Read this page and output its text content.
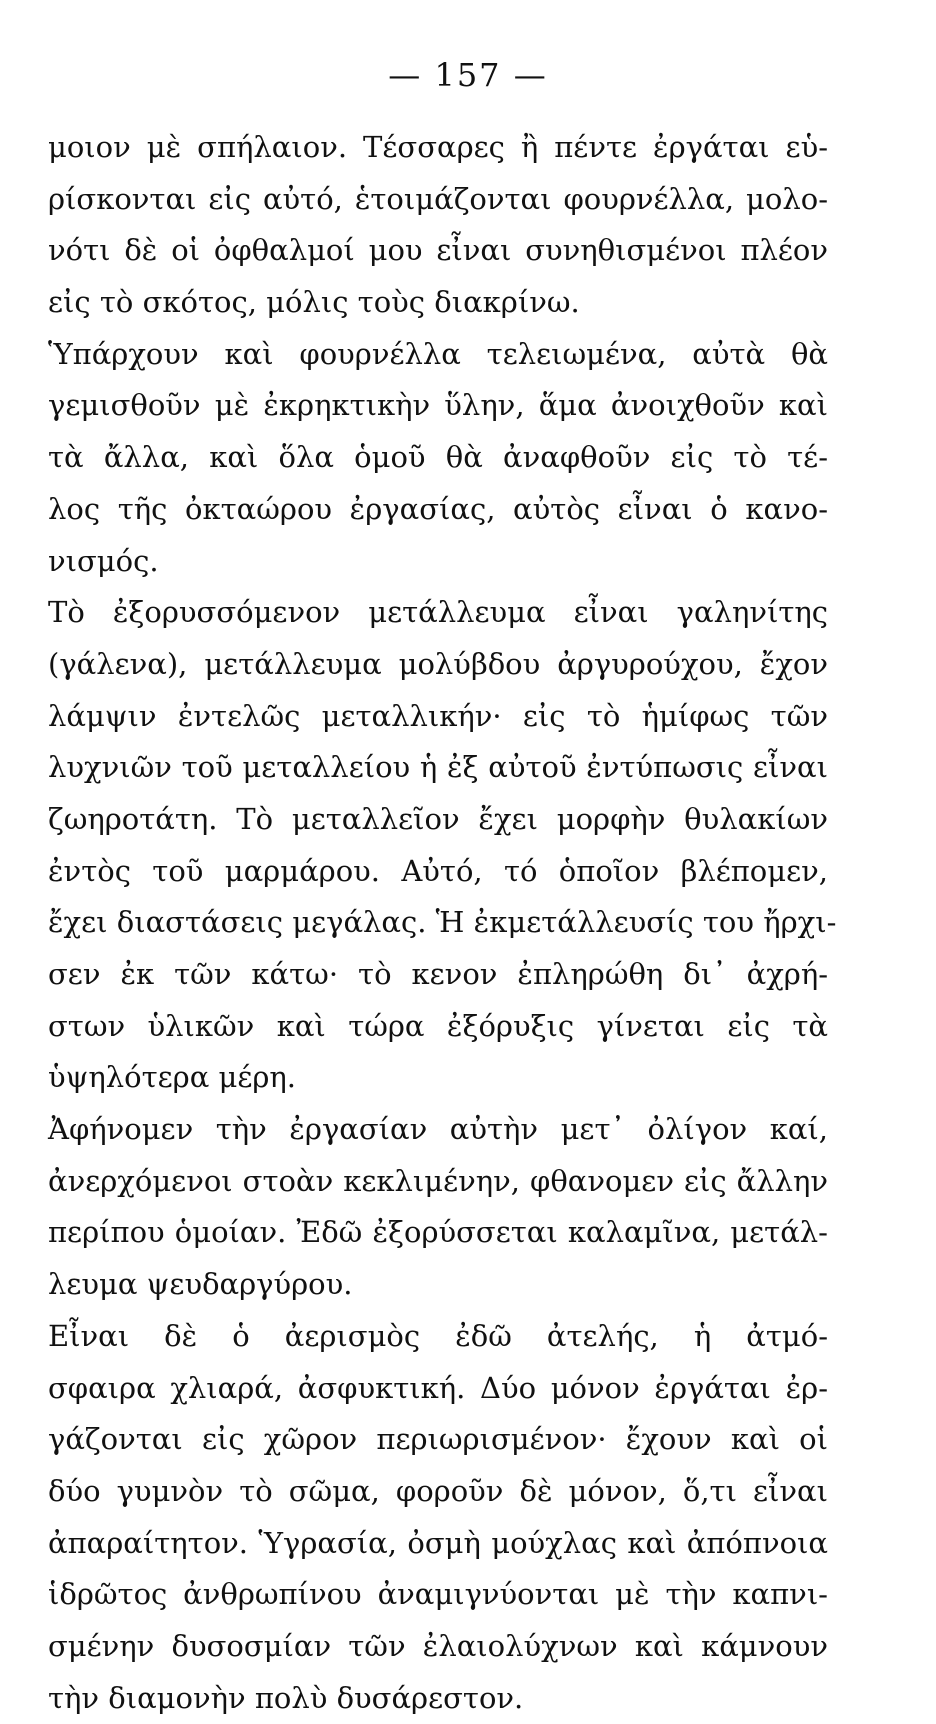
— 157 —
μοιον μὲ σπήλαιον. Τέσσαρες ἢ πέντε ἐργάται εὑ-
ρίσκονται εἰς αὐτό, ἑτοιμάζονται φουρνέλλα, μολο-
νότι δὲ οἱ ὀφθαλμοί μου εἶναι συνηθισμένοι πλέον
εἰς τὸ σκότος, μόλις τοὺς διακρίνω.
Ὑπάρχουν καὶ φουρνέλλα τελειωμένα, αὐτὰ θὰ
γεμισθοῦν μὲ ἐκρηκτικὴν ὕλην, ἅμα ἀνοιχθοῦν καὶ
τὰ ἄλλα, καὶ ὅλα ὁμοῦ θὰ ἀναφθοῦν εἰς τὸ τέ-
λος τῆς ὀκταώρου ἐργασίας, αὐτὸς εἶναι ὁ κανο-
νισμός.
Τὸ ἐξορυσσόμενον μετάλλευμα εἶναι γαληνίτης
(γάλενα), μετάλλευμα μολύβδου ἀργυρούχου, ἔχον
λάμψιν ἐντελῶς μεταλλικήν· εἰς τὸ ἡμίφως τῶν
λυχνιῶν τοῦ μεταλλείου ἡ ἐξ αὐτοῦ ἐντύπωσις εἶναι
ζωηροτάτη. Τὸ μεταλλεῖον ἔχει μορφὴν θυλακίων
ἐντὸς τοῦ μαρμάρου. Αὐτό, τό ὁποῖον βλέπομεν,
ἔχει διαστάσεις μεγάλας. Ἡ ἐκμετάλλευσίς του ἤρχι-
σεν ἐκ τῶν κάτω· τὸ κενον ἐπληρώθη δι᾽ ἀχρή-
στων ὑλικῶν καὶ τώρα ἐξόρυξις γίνεται εἰς τὰ
ὑψηλότερα μέρη.
Ἀφήνομεν τὴν ἐργασίαν αὐτὴν μετ᾽ ὀλίγον καί,
ἀνερχόμενοι στοὰν κεκλιμένην, φθανομεν εἰς ἄλλην
περίπου ὁμοίαν. Ἐδῶ ἐξορύσσεται καλαμῖνα, μετάλ-
λευμα ψευδαργύρου.
Εἶναι δὲ ὁ ἀερισμὸς ἐδῶ ἀτελής, ἡ ἀτμό-
σφαιρα χλιαρά, ἀσφυκτική. Δύο μόνον ἐργάται ἐρ-
γάζονται εἰς χῶρον περιωρισμένον· ἔχουν καὶ οἱ
δύο γυμνὸν τὸ σῶμα, φοροῦν δὲ μόνον, ὅ,τι εἶναι
ἀπαραίτητον. Ὑγρασία, ὀσμὴ μούχλας καὶ ἀπόπνοια
ἱδρῶτος ἀνθρωπίνου ἀναμιγνύονται μὲ τὴν καπνι-
σμένην δυσοσμίαν τῶν ἐλαιολύχνων καὶ κάμνουν
τὴν διαμονὴν πολὺ δυσάρεστον.
